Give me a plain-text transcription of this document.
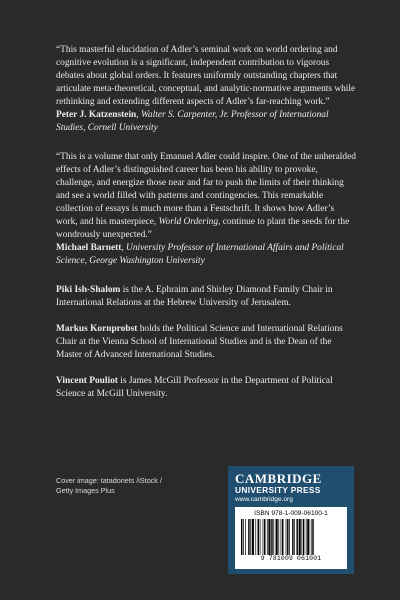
“This masterful elucidation of Adler’s seminal work on world ordering and cognitive evolution is a significant, independent contribution to vigorous debates about global orders. It features uniformly outstanding chapters that articulate meta-theoretical, conceptual, and analytic-normative arguments while rethinking and extending different aspects of Adler’s far-reaching work.”

Peter J. Katzenstein, Walter S. Carpenter, Jr. Professor of International Studies, Cornell University

“This is a volume that only Emanuel Adler could inspire. One of the unheralded effects of Adler’s distinguished career has been his ability to provoke, challenge, and energize those near and far to push the limits of their thinking and see a world filled with patterns and contingencies. This remarkable collection of essays is much more than a Festschrift. It shows how Adler’s work, and his masterpiece, World Ordering, continue to plant the seeds for the wondrously unexpected.”

Michael Barnett, University Professor of International Affairs and Political Science, George Washington University

Piki Ish-Shalom is the A. Ephraim and Shirley Diamond Family Chair in International Relations at the Hebrew University of Jerusalem.

Markus Kornprobst holds the Political Science and International Relations Chair at the Vienna School of International Studies and is the Dean of the Master of Advanced International Studies.

Vincent Pouliot is James McGill Professor in the Department of Political Science at McGill University.

Cover image: tatadonets /iStock / Getty Images Plus
CAMBRIDGE
UNIVERSITY PRESS
www.cambridge.org
ISBN 978-1-009-06100-1
9 781009 061001
